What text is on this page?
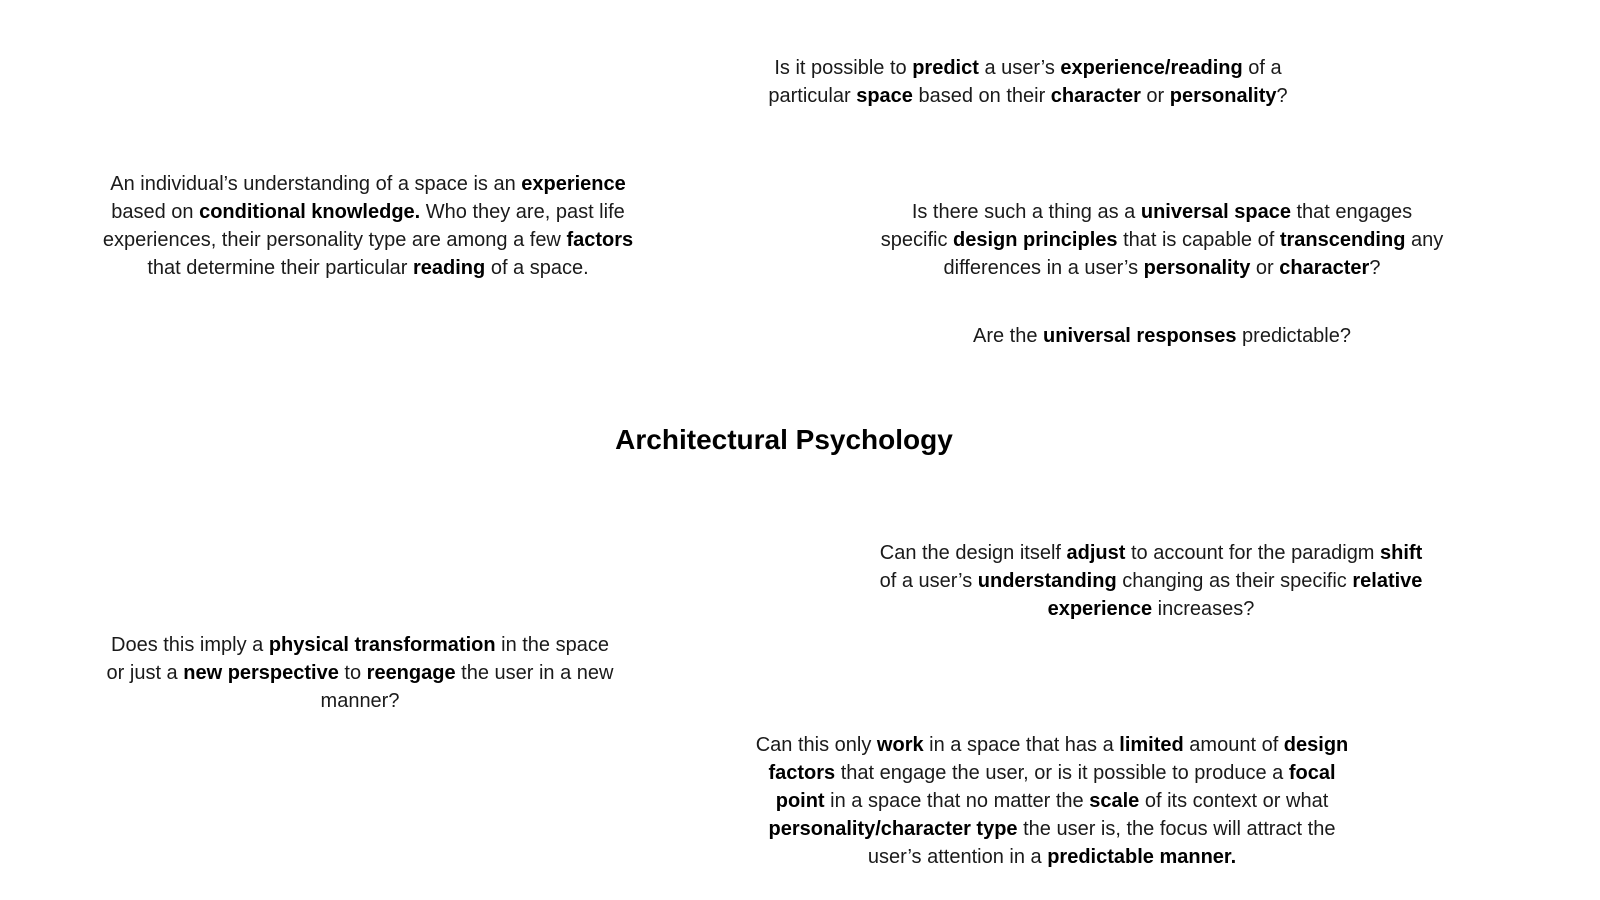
Architectural Psychology
Is it possible to predict a user’s experience/reading of a
particular space based on their character or personality?
An individual’s understanding of a space is an experience
based on conditional knowledge. Who they are, past life
experiences, their personality type are among a few factors
that determine their particular reading of a space.
Is there such a thing as a universal space that engages
specific design principles that is capable of transcending any
differences in a user’s personality or character?
Are the universal responses predictable?
Can the design itself adjust to account for the paradigm shift
of a user’s understanding changing as their specific relative
experience increases?
Does this imply a physical transformation in the space
or just a new perspective to reengage the user in a new
manner?
Can this only work in a space that has a limited amount of design
factors that engage the user, or is it possible to produce a focal
point in a space that no matter the scale of its context or what
personality/character type the user is, the focus will attract the
user’s attention in a predictable manner.
